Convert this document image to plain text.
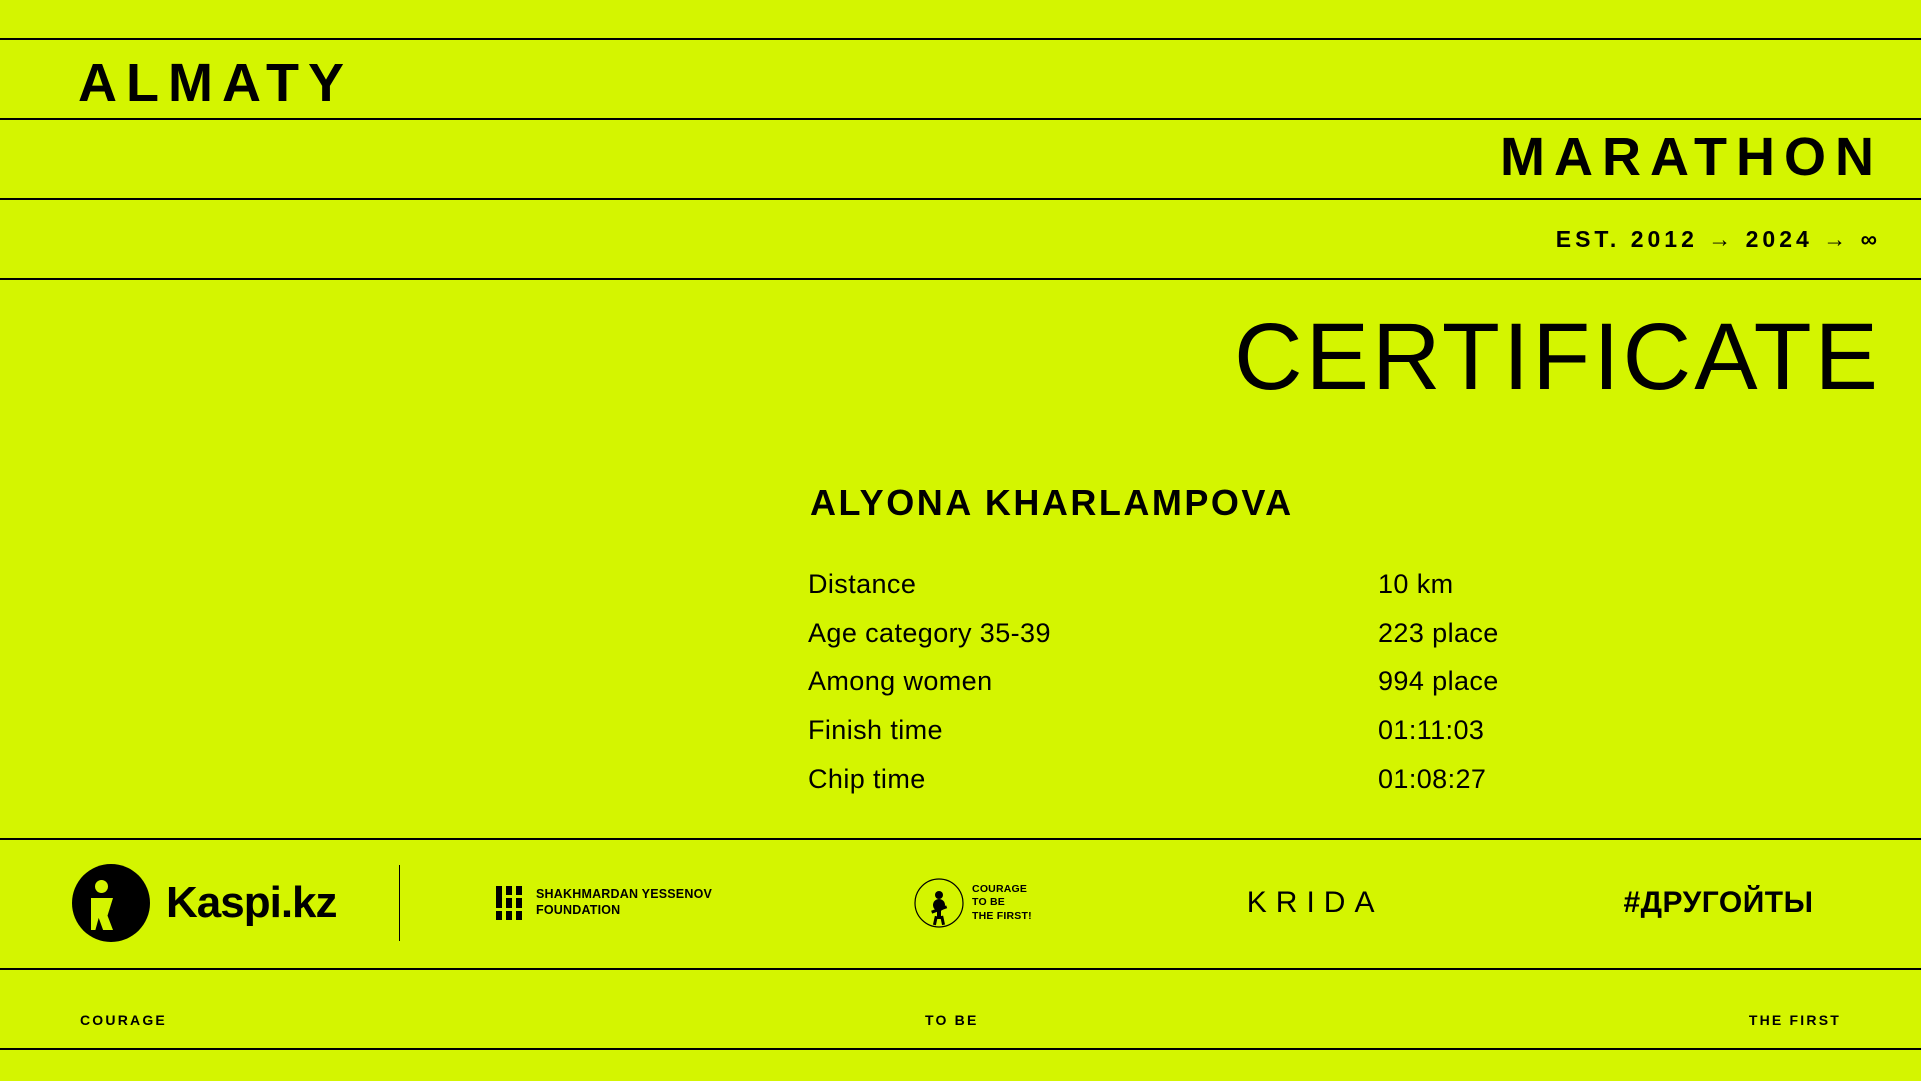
ALMATY
MARATHON
EST. 2012 → 2024 → ∞
CERTIFICATE
ALYONA KHARLAMPOVA
Distance	10 km
Age category 35-39	223 place
Among women	994 place
Finish time	01:11:03
Chip time	01:08:27
Kaspi.kz	SHAKHMARDAN YESSENOV
FOUNDATION
COURAGE
TO BE
THE FIRST!	KRIDA	#ДРУГОЙТЫ
COURAGE	TO BE	THE FIRST
